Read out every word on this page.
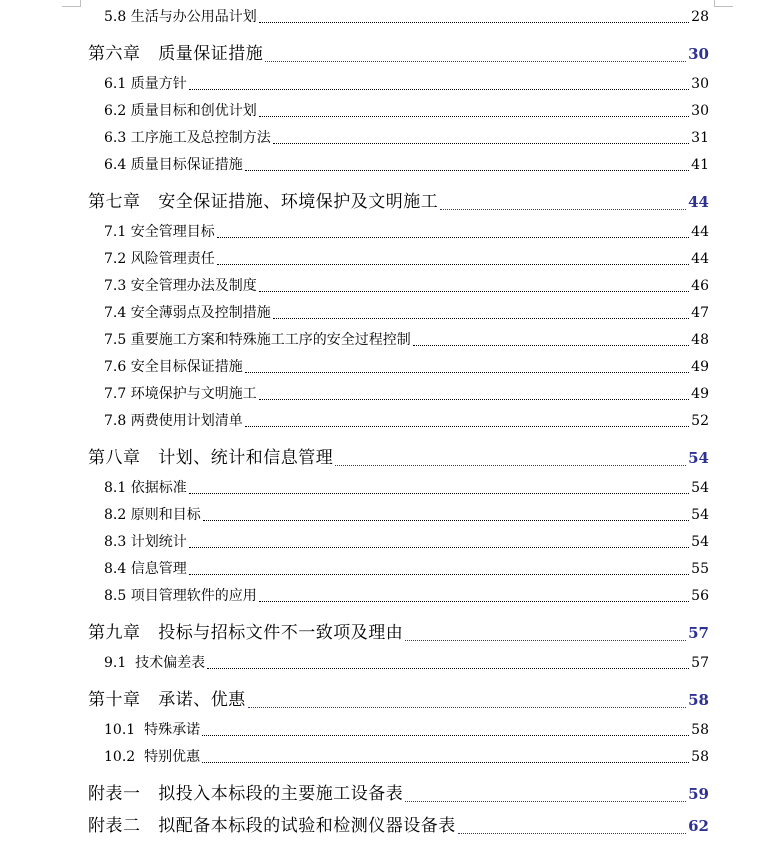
5.8 生活与办公用品计划	28
第六章   质量保证措施	30
6.1 质量方针	30
6.2 质量目标和创优计划	30
6.3 工序施工及总控制方法	31
6.4 质量目标保证措施	41
第七章   安全保证措施、环境保护及文明施工	44
7.1 安全管理目标	44
7.2 风险管理责任	44
7.3 安全管理办法及制度	46
7.4 安全薄弱点及控制措施	47
7.5 重要施工方案和特殊施工工序的安全过程控制	48
7.6 安全目标保证措施	49
7.7 环境保护与文明施工	49
7.8 两费使用计划清单	52
第八章   计划、统计和信息管理	54
8.1 依据标准	54
8.2 原则和目标	54
8.3 计划统计	54
8.4 信息管理	55
8.5 项目管理软件的应用	56
第九章   投标与招标文件不一致项及理由	57
9.1  技术偏差表	57
第十章   承诺、优惠	58
10.1  特殊承诺	58
10.2  特别优惠	58
附表一   拟投入本标段的主要施工设备表	59
附表二   拟配备本标段的试验和检测仪器设备表	62
